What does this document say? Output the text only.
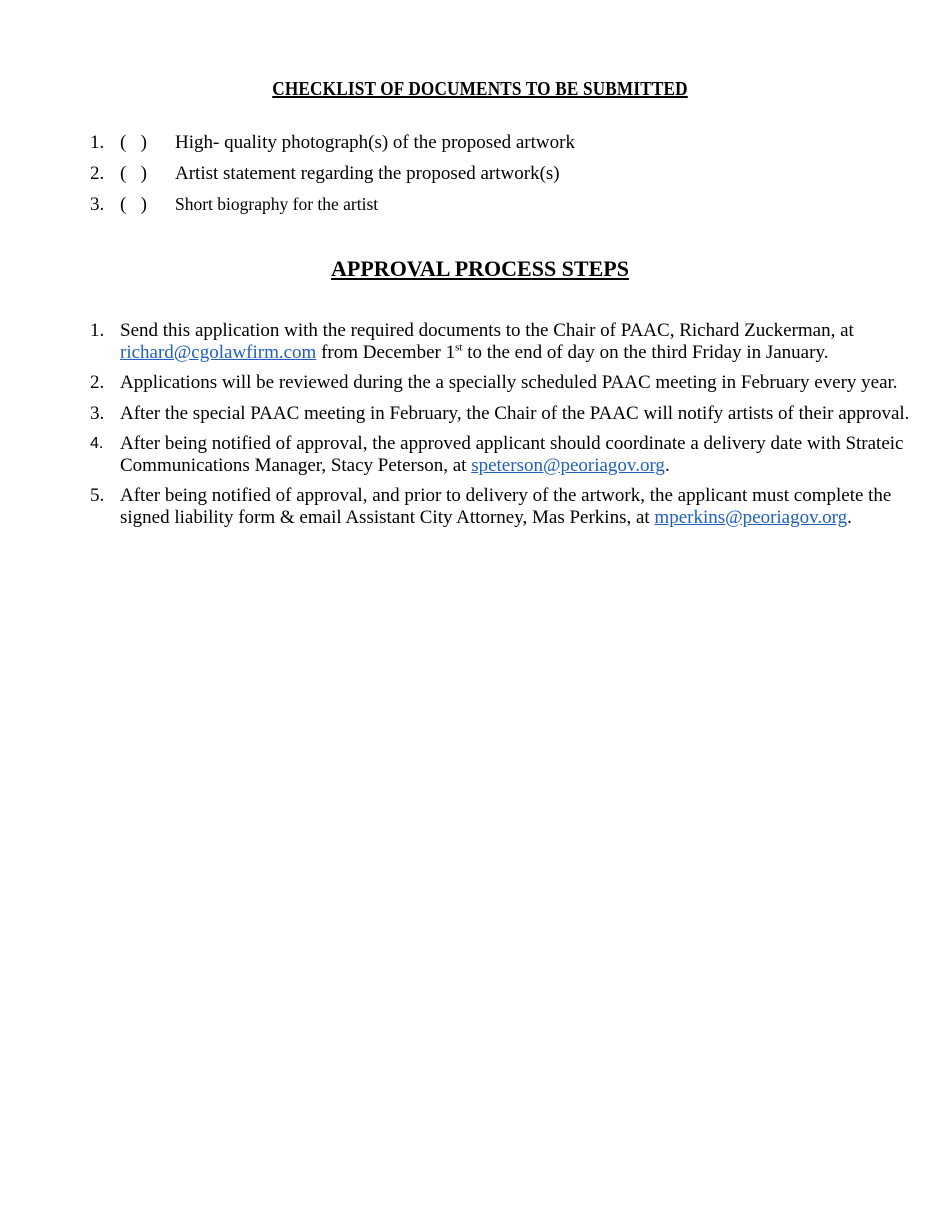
CHECKLIST OF DOCUMENTS TO BE SUBMITTED
1. (   )	High- quality photograph(s) of the proposed artwork
2. (   )	Artist statement regarding the proposed artwork(s)
3. (   )	Short biography for the artist
APPROVAL PROCESS STEPS
1. Send this application with the required documents to the Chair of PAAC, Richard Zuckerman, at richard@cgolawfirm.com from December 1st to the end of day on the third Friday in January.
2. Applications will be reviewed during the a specially scheduled PAAC meeting in February every year.
3. After the special PAAC meeting in February, the Chair of the PAAC will notify artists of their approval.
4. After being notified of approval, the approved applicant should coordinate a delivery date with Strateic Communications Manager, Stacy Peterson, at speterson@peoriagov.org.
5. After being notified of approval, and prior to delivery of the artwork, the applicant must complete the signed liability form & email Assistant City Attorney, Mas Perkins, at mperkins@peoriagov.org.
